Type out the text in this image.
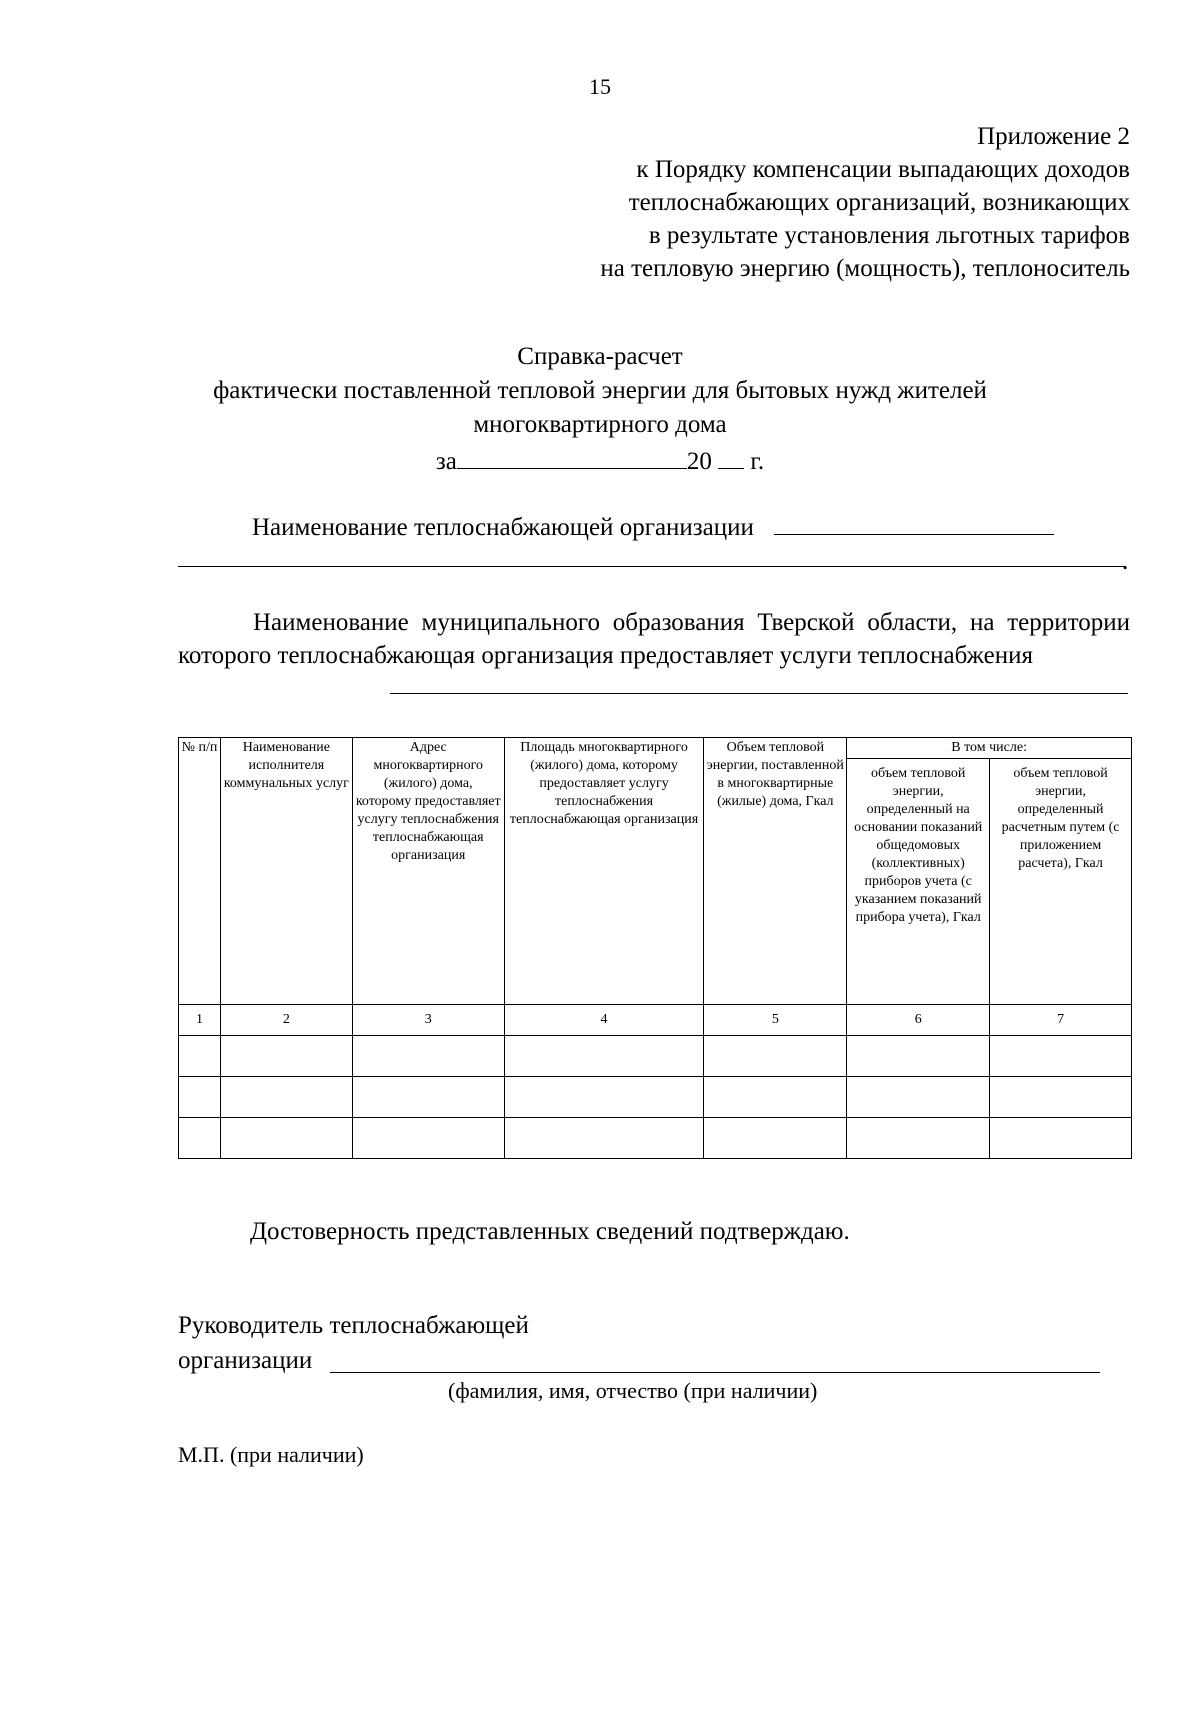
15
Приложение 2
к Порядку компенсации выпадающих доходов
теплоснабжающих организаций, возникающих
в результате установления льготных тарифов
на тепловую энергию (мощность), теплоноситель
Справка-расчет
фактически поставленной тепловой энергии для бытовых нужд жителей
многоквартирного дома
за	20 г.
Наименование теплоснабжающей организации
.
Наименование муниципального образования Тверской области, на территории которого теплоснабжающая организация предоставляет услуги теплоснабжения
№ п/п	Наименование исполнителя коммунальных услуг	Адрес многоквартирного (жилого) дома, которому предоставляет услугу теплоснабжения теплоснабжающая организация	Площадь многоквартирного (жилого) дома, которому предоставляет услугу теплоснабжения теплоснабжающая организация	Объем тепловой энергии, поставленной в многоквартирные (жилые) дома, Гкал	В том числе:	
					объем тепловой энергии, определенный на основании показаний общедомовых (коллективных) приборов учета (с указанием показаний прибора учета), Гкал	объем тепловой энергии, определенный расчетным путем (с приложением расчета), Гкал
1	2	3	4	5	6	7

Достоверность представленных сведений подтверждаю.
Руководитель теплоснабжающей
организации
(фамилия, имя, отчество (при наличии)
М.П. (при наличии)
